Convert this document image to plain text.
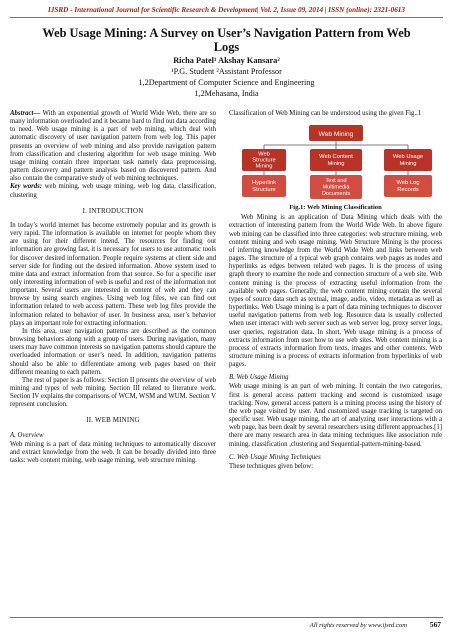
IJSRD - International Journal for Scientific Research & Development| Vol. 2, Issue 09, 2014 | ISSN (online): 2321-0613
Web Usage Mining: A Survey on User’s Navigation Pattern from Web Logs
Richa Patel¹ Akshay Kansara²
¹P.G. Student ²Assistant Professor
1,2Department of Computer Science and Engineering
1,2Mehasana, India

Abstract— With an exponential growth of World Wide Web, there are so many information overloaded and it became hard to find out data according to need. Web usage mining is a part of web mining, which deal with automatic discovery of user navigation pattern from web log. This paper presents an overview of web mining and also provide navigation pattern from classification and clustering algorithm for web usage mining. Web usage mining contain three important task namely data preprocessing, pattern discovery and pattern analysis based on discovered pattern. And also contain the comparative study of web mining techniques.

Key words: web mining, web usage mining, web log data, classification, clustering

I. INTRODUCTION

In today’s world internet has become extremely popular and its growth is very rapid. The information is available on internet for people whom they are using for their different intend. The resources for finding out information are growing fast, it is necessary for users to use automatic tools for discover desired information. People require systems at client side and server side for finding out the desired information. Above system used to mine data and extract information from that source. So for a specific user only interesting information of web is useful and rest of the information not important. Several users are interested in content of web and they can browse by using search engines. Using web log files, we can find out information related to web access pattern. These web log files provide the information related to behavior of user. In business area, user’s behavior plays an important role for extracting information.

In this area, user navigation patterns are described as the common browsing behaviors along with a group of users. During navigation, many users may have common interests so navigation patterns should capture the overloaded information or user’s need. In addition, navigation patterns should also be able to differentiate among web pages based on their different meaning to each pattern.

The rest of paper is as follows: Section II presents the overview of web mining and types of web mining. Section III related to literature work. Section IV explains the comparisons of WCM, WSM and WUM. Section V represent conclusion.

II. WEB MINING
A. Overview

Web mining is a part of data mining techniques to automatically discover and extract knowledge from the web. It can be broadly divided into three tasks: web content mining, web usage mining, web structure mining.

Classification of Web Mining can be understood using the given Fig..1

Web Mining
Web
Structure
Mining
Web Content
Mining
Web Usage
Mining
Hyperlink
Structure
Text and
Multimedia
Documents
Web Log
Records
Fig.1: Web Mining Classification

Web Mining is an application of Data Mining which deals with the extraction of interesting pattern from the World Wide Web. In above figure web mining can be classified into three categories: web structure mining, web content mining and web usage mining. Web Structure Mining is the process of inferring knowledge from the World Wide Web and links between web pages. The structure of a typical web graph contains web pages as nodes and hyperlinks as edges between related web pages. It is the process of using graph theory to examine the node and connection structure of a web site. Web content mining is the process of extracting useful information from the available web pages. Generally, the web content mining contain the several types of source data such as textual, image, audio, video, metadata as well as hyperlinks. Web Usage mining is a part of data mining techniques to discover useful navigation patterns from web log. Resource data is usually collected when user interact with web server such as web server log, proxy server logs, user queries, registration data. In short, Web usage mining is a process of extracts information from user how to use web sites. Web content mining is a process of extracts information from texts, images and other contents. Web structure mining is a process of extracts information from hyperlinks of web pages.

B. Web Usage Mining

Web usage mining is an part of web mining. It contain the two categories, first is general access pattern tracking and second is customized usage tracking. Now, general access pattern is a mining process using the history of the web page visited by user. And customized usage tracking is targeted on specific user. Web usage mining, the art of analyzing user interactions with a web page, has been dealt by several researchers using different approaches.[1] there are many research area in data mining techniques like association rule mining, classification ,clustering and Sequential-pattern-mining-based.

C. Web Usage Mining Techniques

These techniques given below:

All rights reserved by www.ijsrd.com	567
